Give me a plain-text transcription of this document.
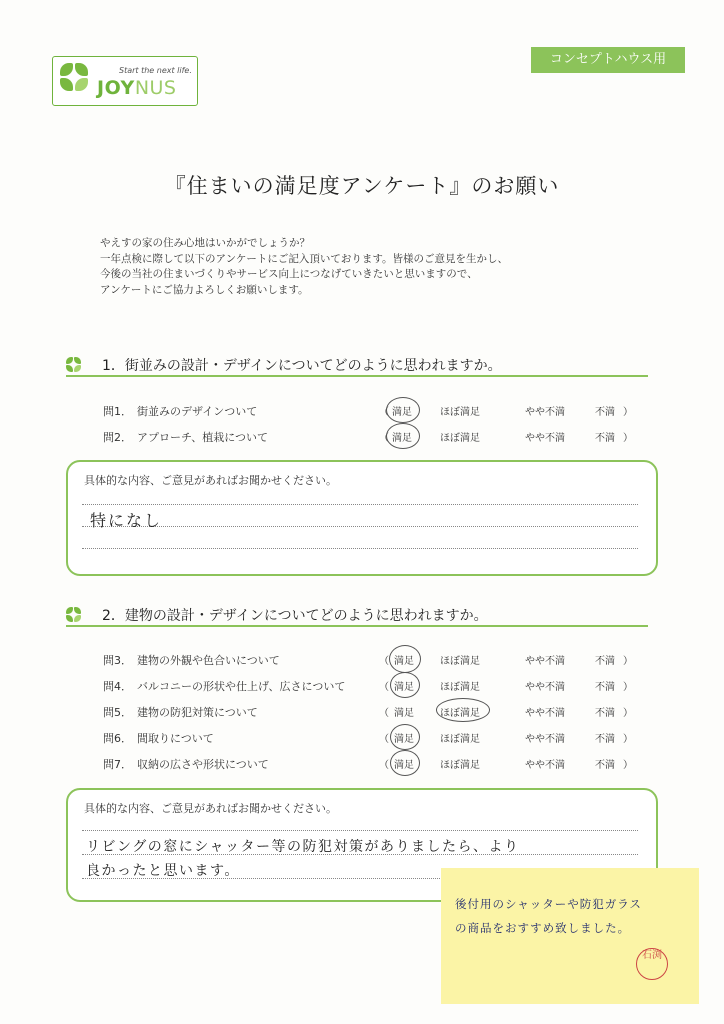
Start the next life.
JOYNUS
コンセプトハウス用
『住まいの満足度アンケート』のお願い
やえすの家の住み心地はいかがでしょうか？
一年点検に際して以下のアンケートにご記入頂いております。皆様のご意見を生かし、
今後の当社の住まいづくりやサービス向上につなげていきたいと思いますので、
アンケートにご協力よろしくお願いします。
1．街並みの設計・デザインについてどのように思われますか。
問1． 街並みのデザインついて	（ 満足	ほぼ満足	やや不満	不満 ）
問2． アプローチ、植栽について	（ 満足	ほぼ満足	やや不満	不満 ）
具体的な内容、ご意見があればお聞かせください。
特になし
2．建物の設計・デザインについてどのように思われますか。
問3． 建物の外観や色合いについて	（ 満足	ほぼ満足	やや不満	不満 ）
問4． バルコニーの形状や仕上げ、広さについて	（ 満足	ほぼ満足	やや不満	不満 ）
問5． 建物の防犯対策について	（ 満足	ほぼ満足	やや不満	不満 ）
問6． 間取りについて	（ 満足	ほぼ満足	やや不満	不満 ）
問7． 収納の広さや形状について	（ 満足	ほぼ満足	やや不満	不満 ）
具体的な内容、ご意見があればお聞かせください。
リビングの窓にシャッター等の防犯対策がありましたら、より
良かったと思います。
後付用のシャッターや防犯ガラス
の商品をおすすめ致しました。
石渕
